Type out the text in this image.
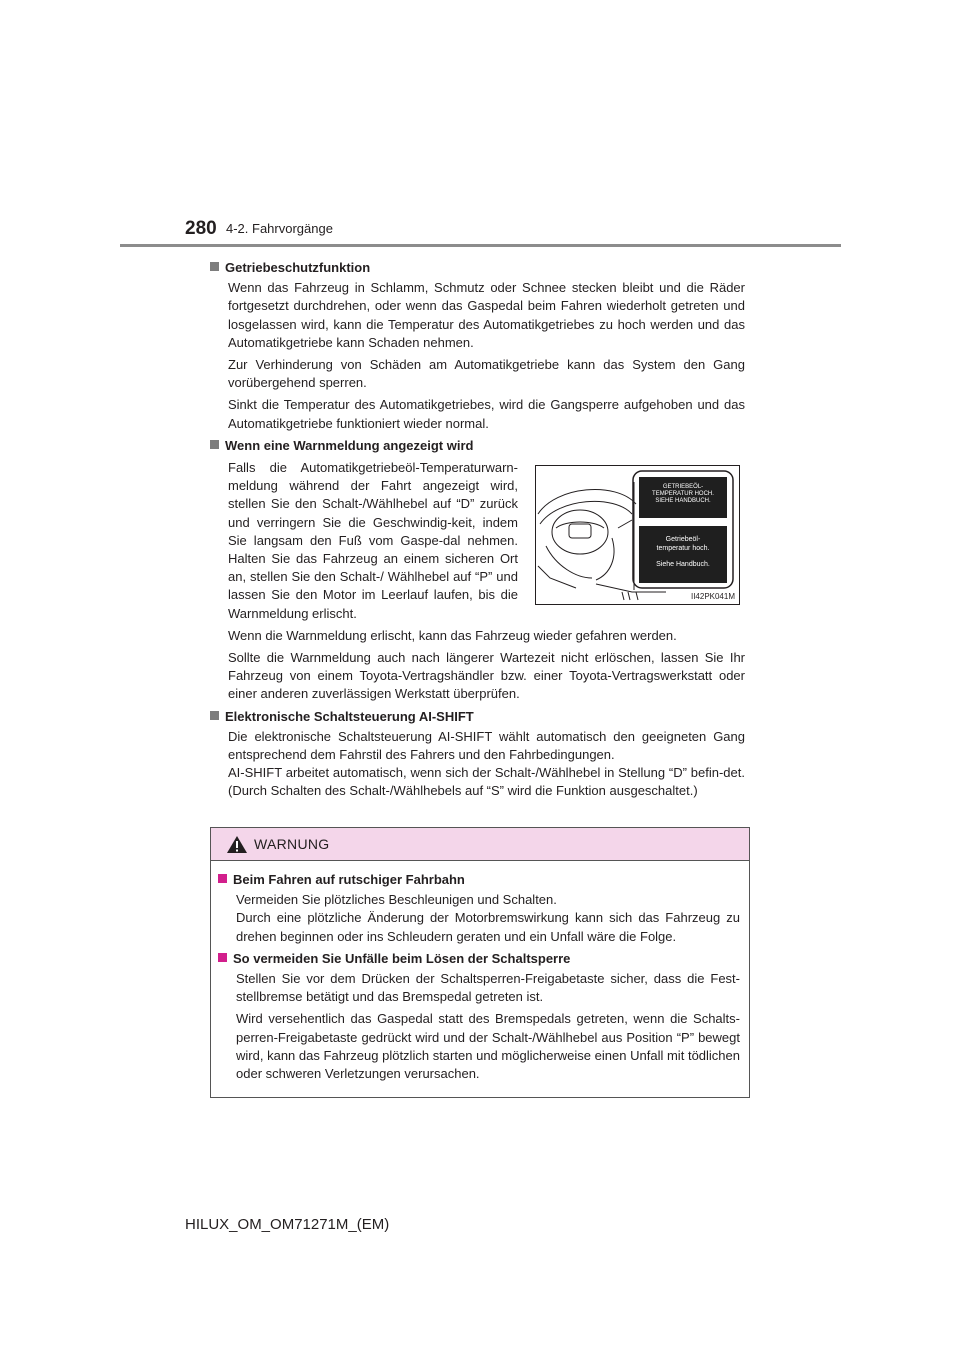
280 4-2. Fahrvorgänge
Getriebeschutzfunktion

Wenn das Fahrzeug in Schlamm, Schmutz oder Schnee stecken bleibt und die Räder fortgesetzt durchdrehen, oder wenn das Gaspedal beim Fahren wiederholt getreten und losgelassen wird, kann die Temperatur des Automatikgetriebes zu hoch werden und das Automatikgetriebe kann Schaden nehmen.

Zur Verhinderung von Schäden am Automatikgetriebe kann das System den Gang vorübergehend sperren.

Sinkt die Temperatur des Automatikgetriebes, wird die Gangsperre aufgehoben und das Automatikgetriebe funktioniert wieder normal.

Wenn eine Warnmeldung angezeigt wird

Falls die Automatikgetriebeöl-Temperaturwarn-meldung während der Fahrt angezeigt wird, stellen Sie den Schalt-/Wählhebel auf “D” zurück und verringern Sie die Geschwindig-keit, indem Sie langsam den Fuß vom Gaspe-dal nehmen. Halten Sie das Fahrzeug an einem sicheren Ort an, stellen Sie den Schalt-/ Wählhebel auf “P” und lassen Sie den Motor im Leerlauf laufen, bis die Warnmeldung erlischt.

GETRIEBEÖL-
TEMPERATUR HOCH.
SIEHE HANDBUCH.
Getriebeöl-
temperatur hoch.
Siehe Handbuch.
II42PK041M

Wenn die Warnmeldung erlischt, kann das Fahrzeug wieder gefahren werden.

Sollte die Warnmeldung auch nach längerer Wartezeit nicht erlöschen, lassen Sie Ihr Fahrzeug von einem Toyota-Vertragshändler bzw. einer Toyota-Vertragswerkstatt oder einer anderen zuverlässigen Werkstatt überprüfen.

Elektronische Schaltsteuerung AI-SHIFT

Die elektronische Schaltsteuerung AI-SHIFT wählt automatisch den geeigneten Gang entsprechend dem Fahrstil des Fahrers und den Fahrbedingungen.

AI-SHIFT arbeitet automatisch, wenn sich der Schalt-/Wählhebel in Stellung “D” befin-det. (Durch Schalten des Schalt-/Wählhebels auf “S” wird die Funktion ausgeschaltet.)

WARNUNG
Beim Fahren auf rutschiger Fahrbahn

Vermeiden Sie plötzliches Beschleunigen und Schalten.

Durch eine plötzliche Änderung der Motorbremswirkung kann sich das Fahrzeug zu drehen beginnen oder ins Schleudern geraten und ein Unfall wäre die Folge.

So vermeiden Sie Unfälle beim Lösen der Schaltsperre

Stellen Sie vor dem Drücken der Schaltsperren-Freigabetaste sicher, dass die Fest-stellbremse betätigt und das Bremspedal getreten ist.

Wird versehentlich das Gaspedal statt des Bremspedals getreten, wenn die Schalts-perren-Freigabetaste gedrückt wird und der Schalt-/Wählhebel aus Position “P” bewegt wird, kann das Fahrzeug plötzlich starten und möglicherweise einen Unfall mit tödlichen oder schweren Verletzungen verursachen.

HILUX_OM_OM71271M_(EM)
